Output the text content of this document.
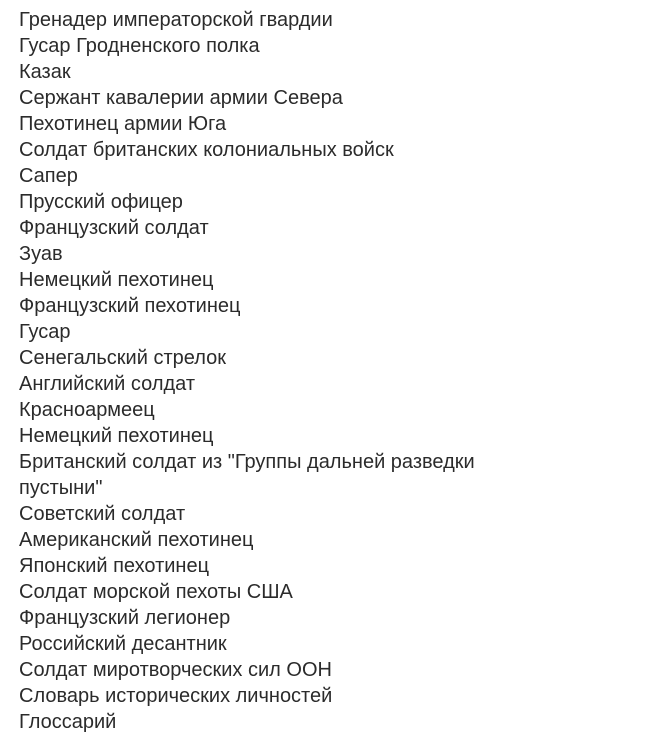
Гренадер императорской гвардии
Гусар Гродненского полка
Казак
Сержант кавалерии армии Севера
Пехотинец армии Юга
Солдат британских колониальных войск
Сапер
Прусский офицер
Французский солдат
Зуав
Немецкий пехотинец
Французский пехотинец
Гусар
Сенегальский стрелок
Английский солдат
Красноармеец
Немецкий пехотинец
Британский солдат из "Группы дальней разведки пустыни"
Советский солдат
Американский пехотинец
Японский пехотинец
Солдат морской пехоты США
Французский легионер
Российский десантник
Солдат миротворческих сил ООН
Словарь исторических личностей
Глоссарий
